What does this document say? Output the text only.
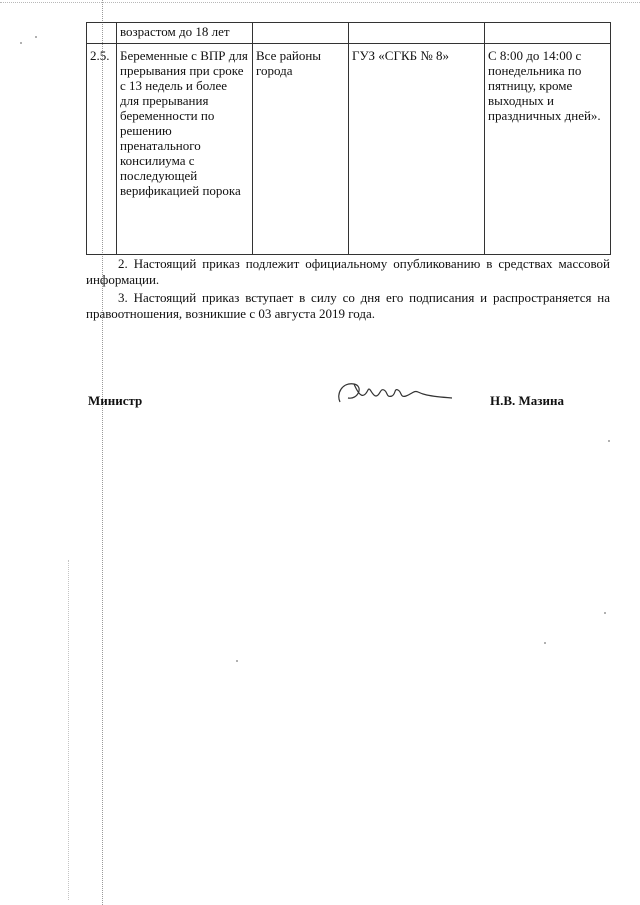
	возрастом до 18 лет			
2.5.	Беременные с ВПР для прерывания при сроке с 13 недель и более для прерывания беременности по решению пренатального консилиума с последующей верификацией порока	Все районы города	ГУЗ «СГКБ № 8»	С 8:00 до 14:00 с понедельника по пятницу, кроме выходных и праздничных дней».
2. Настоящий приказ подлежит официальному опубликованию в средствах массовой информации.
3. Настоящий приказ вступает в силу со дня его подписания и распространяется на правоотношения, возникшие с 03 августа 2019 года.
Министр	Н.В. Мазина
